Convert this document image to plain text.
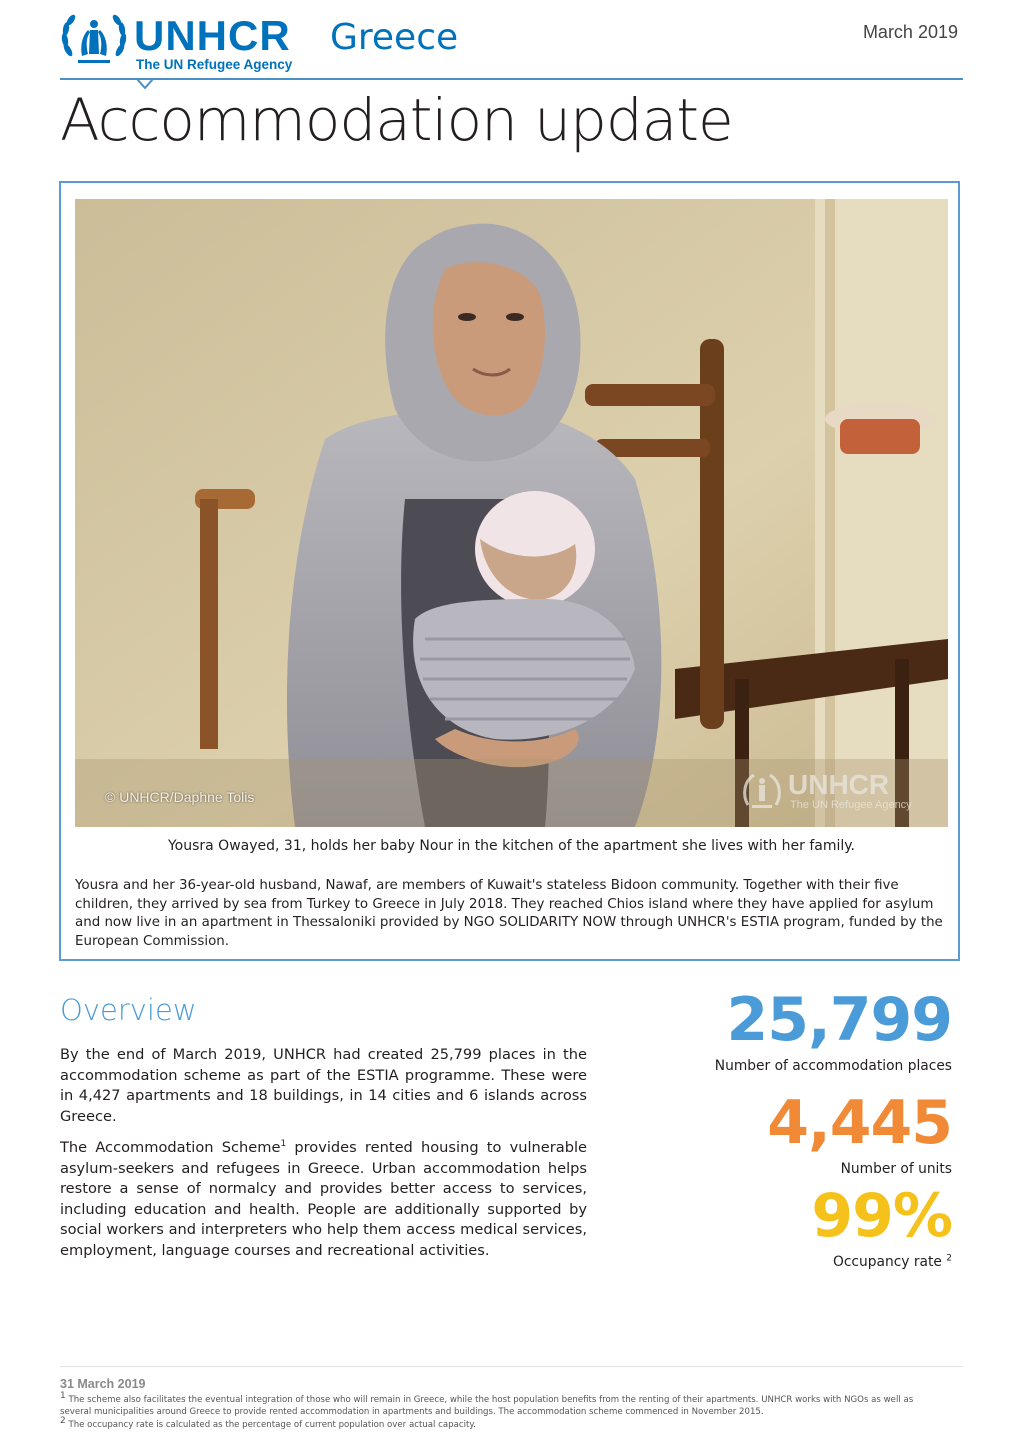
UNHCR
The UN Refugee Agency
Greece	March 2019
Accommodation update
© UNHCR/Daphne Tolis	UNHCR
The UN Refugee Agency
Yousra Owayed, 31, holds her baby Nour in the kitchen of the apartment she lives with her family.

Yousra and her 36-year-old husband, Nawaf, are members of Kuwait's stateless Bidoon community. Together with their five children, they arrived by sea from Turkey to Greece in July 2018. They reached Chios island where they have applied for asylum and now live in an apartment in Thessaloniki provided by NGO SOLIDARITY NOW through UNHCR's ESTIA program, funded by the European Commission.

Overview

By the end of March 2019, UNHCR had created 25,799 places in the accommodation scheme as part of the ESTIA programme. These were in 4,427 apartments and 18 buildings, in 14 cities and 6 islands across Greece.

The Accommodation Scheme$^1$ provides rented housing to vulnerable asylum-seekers and refugees in Greece. Urban accommodation helps restore a sense of normalcy and provides better access to services, including education and health. People are additionally supported by social workers and interpreters who help them access medical services, employment, language courses and recreational activities.

25,799
Number of accommodation places
4,445
Number of units
99%
Occupancy rate $^2$
31 March 2019

$^1$ The scheme also facilitates the eventual integration of those who will remain in Greece, while the host population benefits from the renting of their apartments. UNHCR works with NGOs as well as several municipalities around Greece to provide rented accommodation in apartments and buildings. The accommodation scheme commenced in November 2015.

$^2$ The occupancy rate is calculated as the percentage of current population over actual capacity.
